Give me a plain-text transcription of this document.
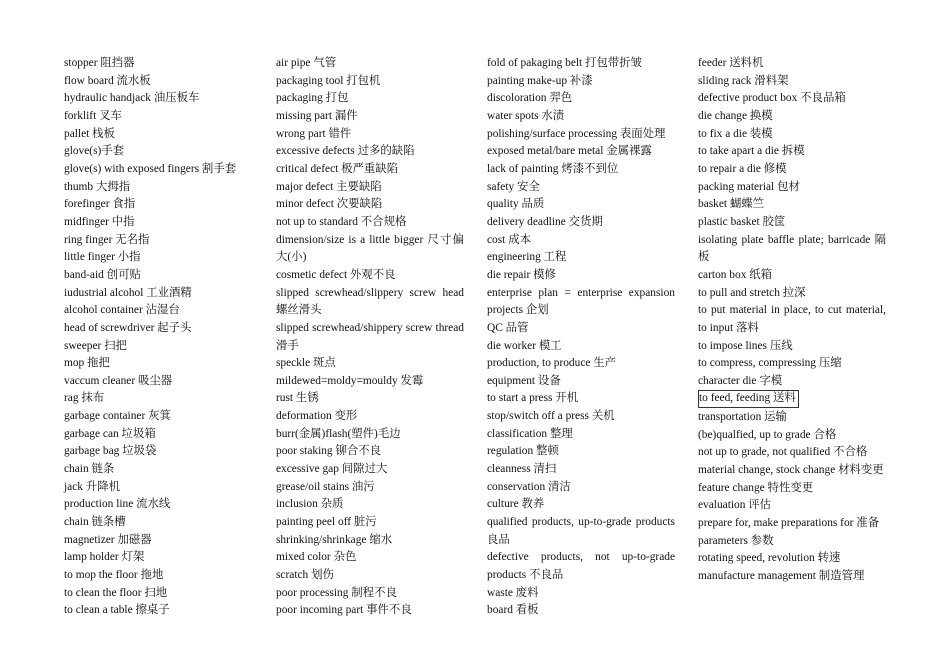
stopper 阻挡器
flow board 流水板
hydraulic handjack 油压板车
forklift 叉车
pallet 栈板
glove(s)手套
glove(s) with exposed fingers 割手套
thumb 大拇指
forefinger 食指
midfinger 中指
ring finger 无名指
little finger 小指
band-aid 创可贴
iudustrial alcohol 工业酒精
alcohol container 沾湿台
head of screwdriver 起子头
sweeper 扫把
mop 拖把
vaccum cleaner 吸尘器
rag 抹布
garbage container 灰箕
garbage can 垃圾箱
garbage bag 垃圾袋
chain 链条
jack 升降机
production line 流水线
chain 链条槽
magnetizer 加磁器
lamp holder 灯架
to mop the floor 拖地
to clean the floor 扫地
to clean a table 擦桌子
air pipe 气管
packaging tool 打包机
packaging 打包
missing part 漏件
wrong part 错件
excessive defects 过多的缺陷
critical defect 极严重缺陷
major defect 主要缺陷
minor defect 次要缺陷
not up to standard 不合规格
dimension/size is a little bigger 尺寸偏大(小)
cosmetic defect 外观不良
slipped screwhead/slippery screw head 螺丝滑头
slipped screwhead/shippery screw thread 滑手
speckle 斑点
mildewed=moldy=mouldy 发霉
rust 生锈
deformation 变形
burr(金属)flash(塑件)毛边
poor staking 铆合不良
excessive gap 间隙过大
grease/oil stains 油污
inclusion 杂质
painting peel off 脏污
shrinking/shrinkage 缩水
mixed color 杂色
scratch 划伤
poor processing 制程不良
poor incoming part 事件不良
fold of pakaging belt 打包带折皱
painting make-up 补漆
discoloration 羿色
water spots 水渍
polishing/surface processing 表面处理
exposed metal/bare metal 金属裸露
lack of painting 烤漆不到位
safety 安全
quality 品质
delivery deadline 交货期
cost 成本
engineering 工程
die repair 模修
enterprise plan = enterprise expansion projects 企划
QC 品管
die worker 模工
production, to produce 生产
equipment 设备
to start a press 开机
stop/switch off a press 关机
classification 整理
regulation 整顿
cleanness 清扫
conservation 清洁
culture 教养
qualified products, up-to-grade products 良品
defective products, not up-to-grade products 不良品
waste 废料
board 看板
feeder 送料机
sliding rack 滑料架
defective product box 不良品箱
die change 换模
to fix a die 装模
to take apart a die 拆模
to repair a die 修模
packing material 包材
basket 蝴蝶竺
plastic basket 胶筐
isolating plate baffle plate; barricade 隔板
carton box 纸箱
to pull and stretch 拉深
to put material in place, to cut material, to input 落料
to impose lines 压线
to compress, compressing 压缩
character die 字模
to feed, feeding 送料
transportation 运输
(be)qualfied, up to grade 合格
not up to grade, not qualified 不合格
material change, stock change 材料变更
feature change 特性变更
evaluation 评估
prepare for, make preparations for 准备
parameters 参数
rotating speed, revolution 转速
manufacture management 制造管理
